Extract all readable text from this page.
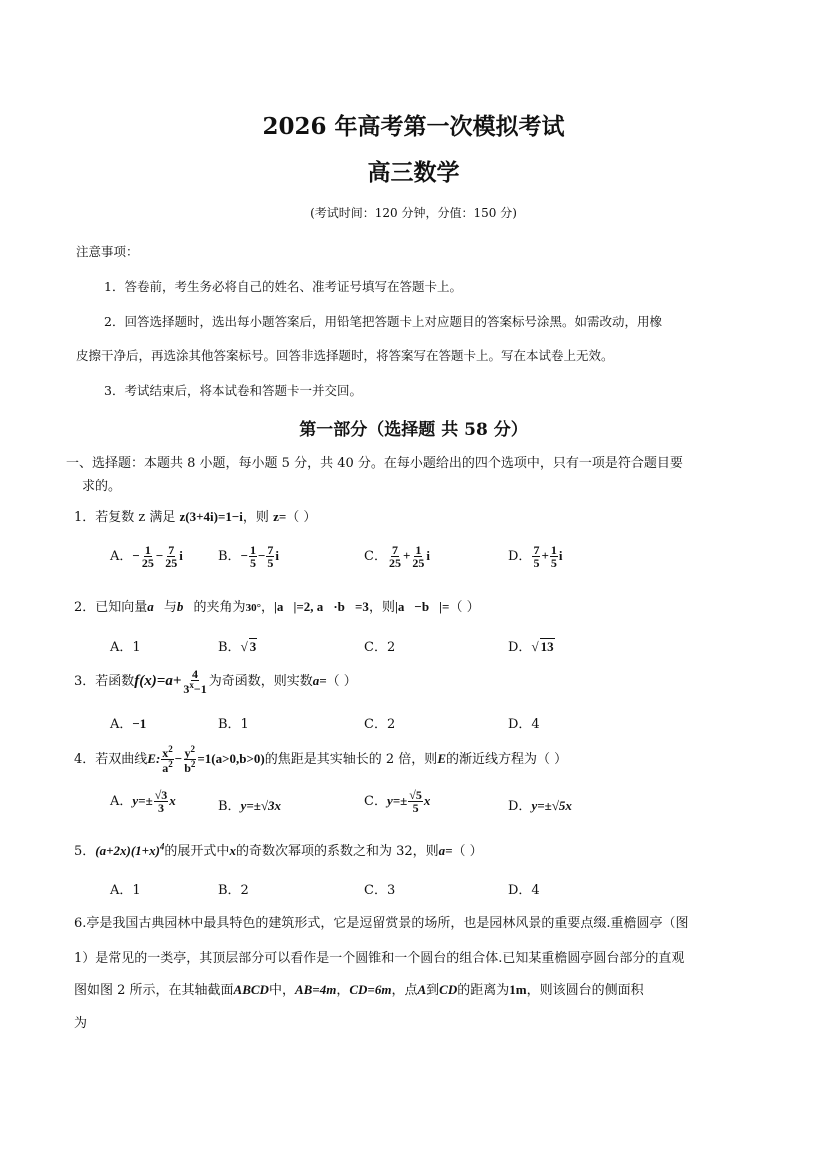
2026 年高考第一次模拟考试
高三数学
(考试时间：120 分钟，分值：150 分)
注意事项：
1．答卷前，考生务必将自己的姓名、准考证号填写在答题卡上。
2．回答选择题时，选出每小题答案后，用铅笔把答题卡上对应题目的答案标号涂黑。如需改动，用橡
皮擦干净后，再选涂其他答案标号。回答非选择题时，将答案写在答题卡上。写在本试卷上无效。
3．考试结束后，将本试卷和答题卡一并交回。
第一部分（选择题 共 58 分）
一、选择题：本题共 8 小题，每小题 5 分，共 40 分。在每小题给出的四个选项中，只有一项是符合题目要
求的。
1．若复数 z 满足 z(3+4i)=1−i，则 z=（ ）
A．− $\frac{1}{25} - \frac{7}{25}$ i	B．− $\frac{1}{5} - \frac{7}{5}$ i	C． $\frac{7}{25} + \frac{1}{25}$ i	D． $\frac{7}{5} + \frac{1}{5}$ i
2．已知向量a⃗与b⃗的夹角为30°，|a⃗|=2, a⃗·b⃗=3，则|a⃗−b⃗|=（ ）
A．1	B．√ 3	C．2	D．√ 13
3．若函数$f(x)=a+ \frac{4}{3^x-1}$ 为奇函数，则实数a=（ ）
A．−1	B．1	C．2	D．4
4．若双曲线E: $\frac{x^2}{a^2} - \frac{y^2}{b^2} =1(a>0,b>0)$的焦距是其实轴长的 2 倍，则E的渐近线方程为（ ）
A．$y=\pm \frac{√3}{3}$ x	B．y=±√3x	C．$y=\pm \frac{√5}{5}$ x	D．y=±√5x
5．$(a+2x)(1+x)^4$的展开式中x的奇数次幂项的系数之和为 32，则a=（ ）
A．1	B．2	C．3	D．4
6.亭是我国古典园林中最具特色的建筑形式，它是逗留赏景的场所，也是园林风景的重要点缀.重檐圆亭（图
1）是常见的一类亭，其顶层部分可以看作是一个圆锥和一个圆台的组合体.已知某重檐圆亭圆台部分的直观
图如图 2 所示，在其轴截面ABCD中，AB=4m，CD=6m，点A到CD的距离为1m，则该圆台的侧面积
为
